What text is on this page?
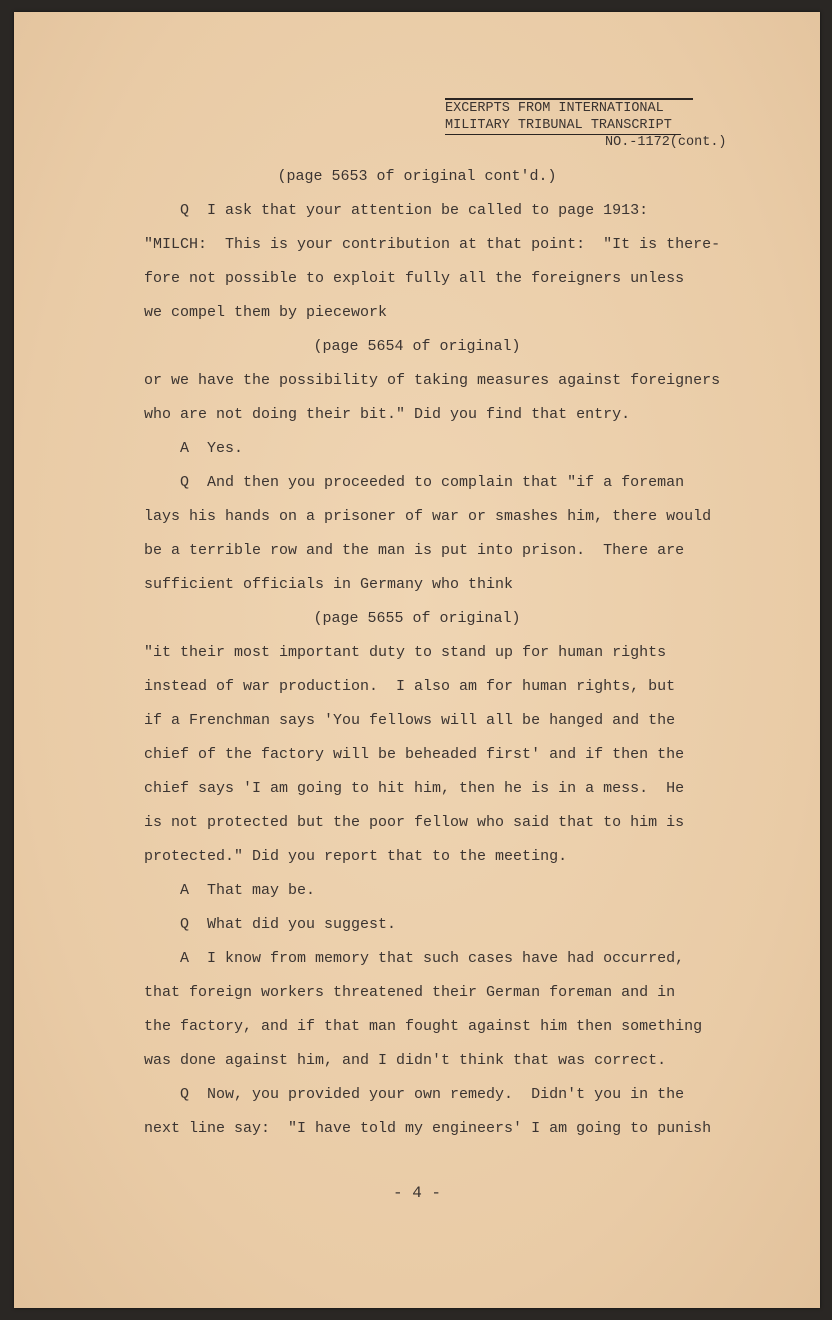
EXCERPTS FROM INTERNATIONAL
MILITARY TRIBUNAL TRANSCRIPT
NO.-1172(cont.)
(page 5653 of original cont'd.)
Q  I ask that your attention be called to page 1913:
"MILCH:  This is your contribution at that point:  "It is there-
fore not possible to exploit fully all the foreigners unless
we compel them by piecework
(page 5654 of original)
or we have the possibility of taking measures against foreigners
who are not doing their bit." Did you find that entry.
A  Yes.
Q  And then you proceeded to complain that "if a foreman
lays his hands on a prisoner of war or smashes him, there would
be a terrible row and the man is put into prison.  There are
sufficient officials in Germany who think
(page 5655 of original)
"it their most important duty to stand up for human rights
instead of war production.  I also am for human rights, but
if a Frenchman says 'You fellows will all be hanged and the
chief of the factory will be beheaded first' and if then the
chief says 'I am going to hit him, then he is in a mess.  He
is not protected but the poor fellow who said that to him is
protected." Did you report that to the meeting.
A  That may be.
Q  What did you suggest.
A  I know from memory that such cases have had occurred,
that foreign workers threatened their German foreman and in
the factory, and if that man fought against him then something
was done against him, and I didn't think that was correct.
Q  Now, you provided your own remedy.  Didn't you in the
next line say:  "I have told my engineers' I am going to punish
- 4 -
